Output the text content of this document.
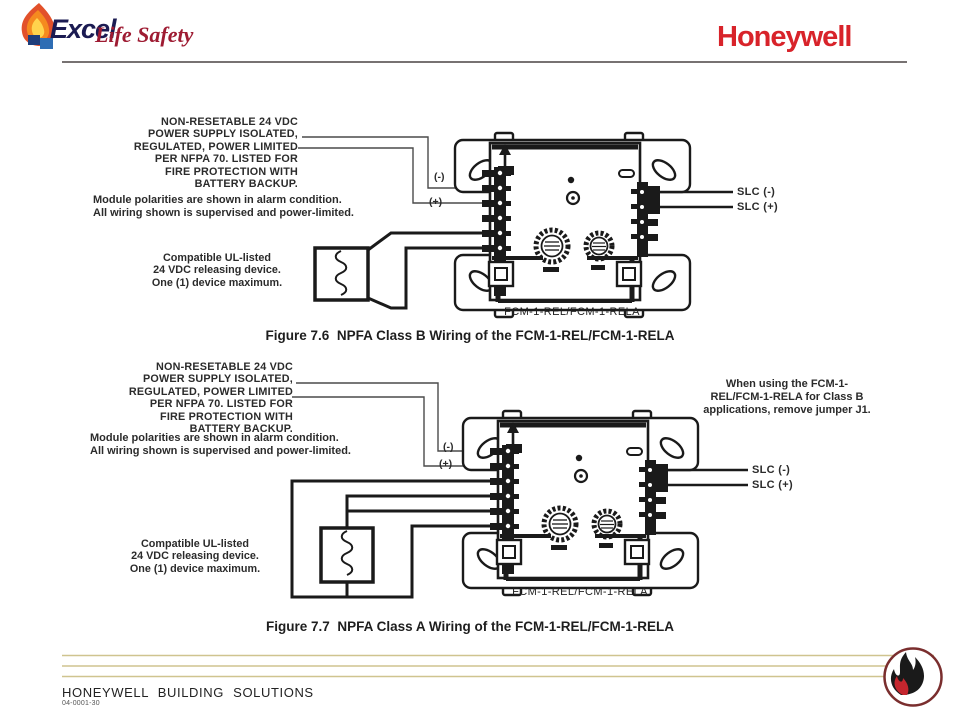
Excel
Life Safety	Honeywell
NON-RESETABLE 24 VDC
POWER SUPPLY ISOLATED,
REGULATED, POWER LIMITED
PER NFPA 70. LISTED FOR
FIRE PROTECTION WITH
BATTERY BACKUP.
Module polarities are shown in alarm condition.
All wiring shown is supervised and power-limited.
Compatible UL-listed
24 VDC releasing device.
One (1) device maximum.
(-)
(+)
SLC (-)
SLC (+)
FCM-1-REL/FCM-1-RELA
Figure 7.6  NPFA Class B Wiring of the FCM-1-REL/FCM-1-RELA
NON-RESETABLE 24 VDC
POWER SUPPLY ISOLATED,
REGULATED, POWER LIMITED
PER NFPA 70. LISTED FOR
FIRE PROTECTION WITH
BATTERY BACKUP.
Module polarities are shown in alarm condition.
All wiring shown is supervised and power-limited.
When using the FCM-1-
REL/FCM-1-RELA for Class B
applications, remove jumper J1.
Compatible UL-listed
24 VDC releasing device.
One (1) device maximum.
(-)
(+)	SLC (-)
SLC (+)
FCM-1-REL/FCM-1-RELA
Figure 7.7  NPFA Class A Wiring of the FCM-1-REL/FCM-1-RELA
HONEYWELL BUILDING SOLUTIONS
04-0001-30
